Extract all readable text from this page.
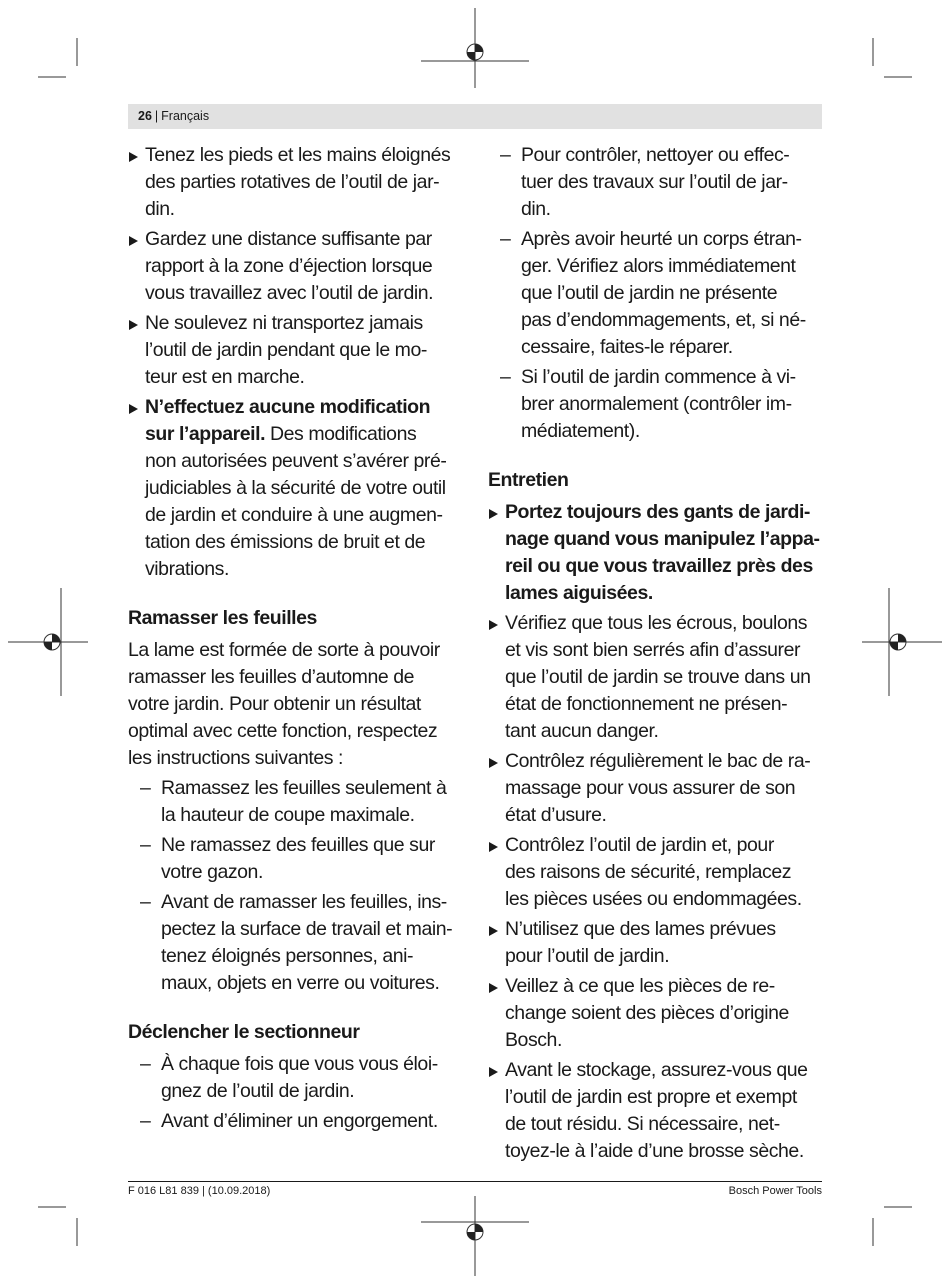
26 | Français
Tenez les pieds et les mains éloignés
des parties rotatives de l’outil de jar-
din.
Gardez une distance suffisante par
rapport à la zone d’éjection lorsque
vous travaillez avec l’outil de jardin.
Ne soulevez ni transportez jamais
l’outil de jardin pendant que le mo-
teur est en marche.
N’effectuez aucune modification
sur l’appareil. Des modifications
non autorisées peuvent s’avérer pré-
judiciables à la sécurité de votre outil
de jardin et conduire à une augmen-
tation des émissions de bruit et de
vibrations.
Ramasser les feuilles
La lame est formée de sorte à pouvoir
ramasser les feuilles d’automne de
votre jardin. Pour obtenir un résultat
optimal avec cette fonction, respectez
les instructions suivantes :
– Ramassez les feuilles seulement à
la hauteur de coupe maximale.
– Ne ramassez des feuilles que sur
votre gazon.
– Avant de ramasser les feuilles, ins-
pectez la surface de travail et main-
tenez éloignés personnes, ani-
maux, objets en verre ou voitures.
Déclencher le sectionneur
– À chaque fois que vous vous éloi-
gnez de l’outil de jardin.
– Avant d’éliminer un engorgement.
– Pour contrôler, nettoyer ou effec-
tuer des travaux sur l’outil de jar-
din.
– Après avoir heurté un corps étran-
ger. Vérifiez alors immédiatement
que l’outil de jardin ne présente
pas d’endommagements, et, si né-
cessaire, faites-le réparer.
– Si l’outil de jardin commence à vi-
brer anormalement (contrôler im-
médiatement).
Entretien
Portez toujours des gants de jardi-
nage quand vous manipulez l’appa-
reil ou que vous travaillez près des
lames aiguisées.
Vérifiez que tous les écrous, boulons
et vis sont bien serrés afin d’assurer
que l’outil de jardin se trouve dans un
état de fonctionnement ne présen-
tant aucun danger.
Contrôlez régulièrement le bac de ra-
massage pour vous assurer de son
état d’usure.
Contrôlez l’outil de jardin et, pour
des raisons de sécurité, remplacez
les pièces usées ou endommagées.
N’utilisez que des lames prévues
pour l’outil de jardin.
Veillez à ce que les pièces de re-
change soient des pièces d’origine
Bosch.
Avant le stockage, assurez-vous que
l’outil de jardin est propre et exempt
de tout résidu. Si nécessaire, net-
toyez-le à l’aide d’une brosse sèche.
F 016 L81 839 | (10.09.2018)	Bosch Power Tools
